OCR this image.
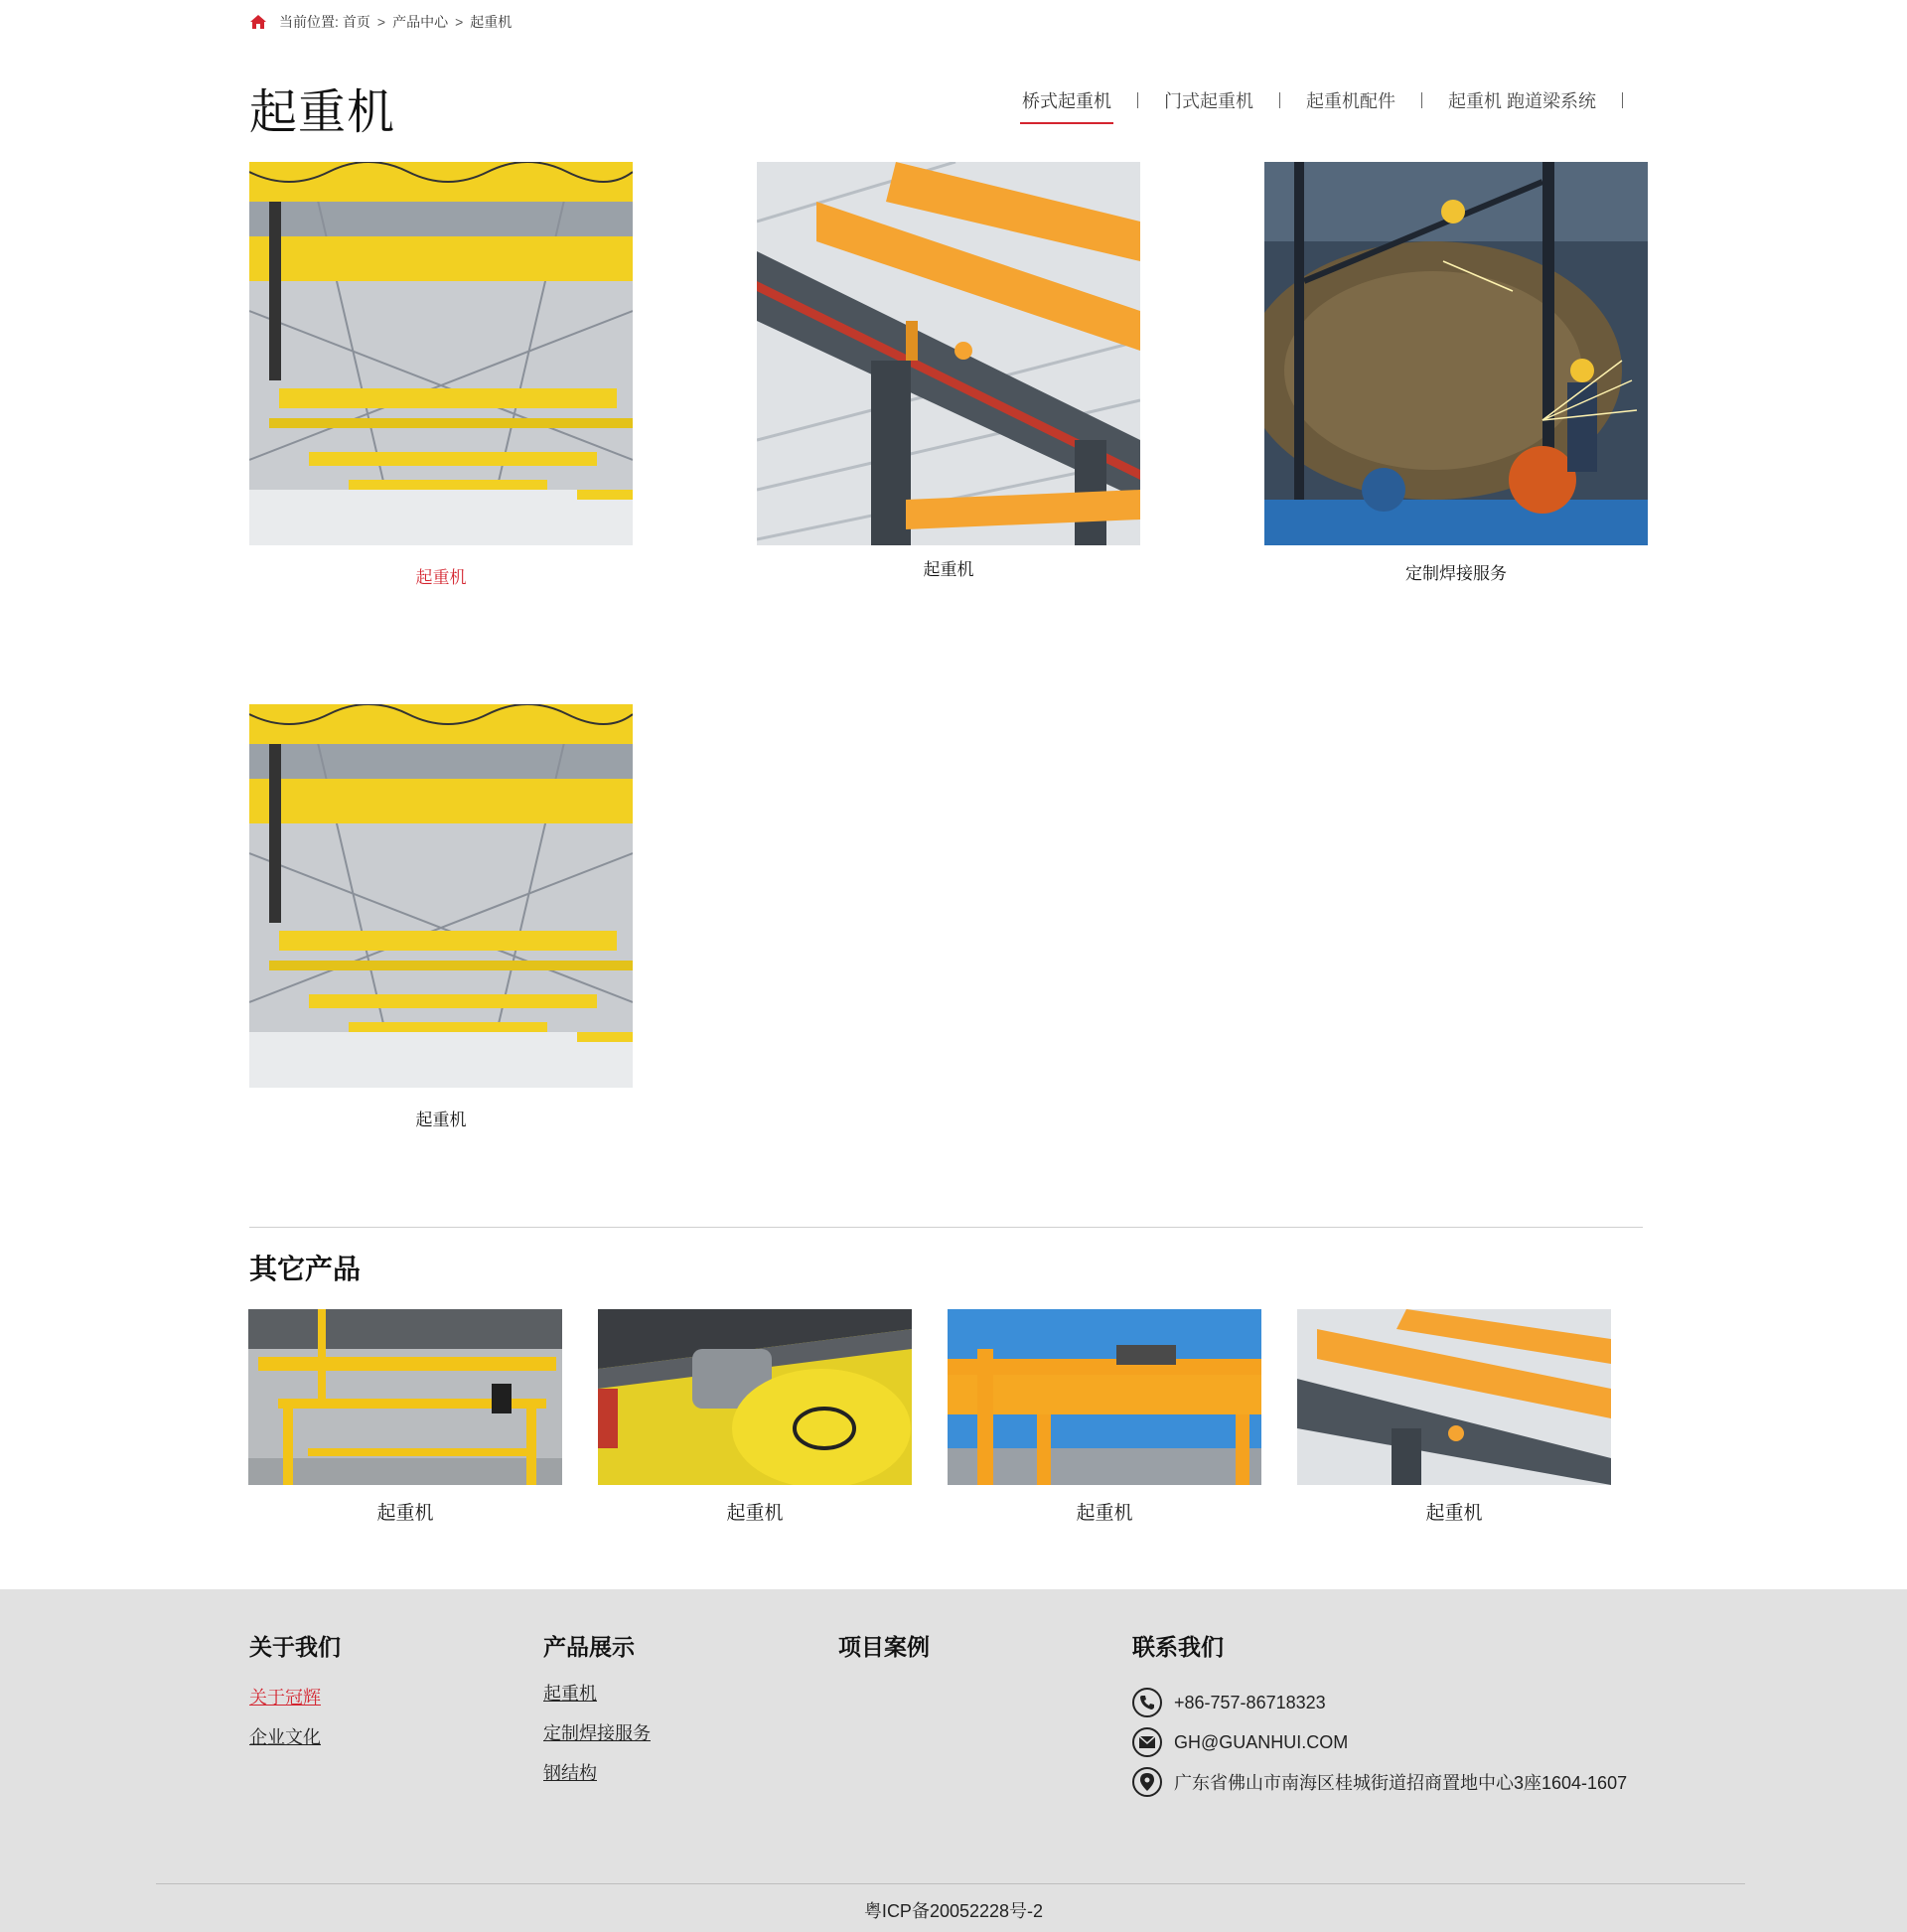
当前位置: 首页 > 产品中心 > 起重机
起重机	桥式起重机	门式起重机	起重机配件	起重机 跑道梁系统
起重机	起重机	定制焊接服务
起重机
其它产品
起重机	起重机	起重机	起重机
关于我们
关于冠辉
企业文化
产品展示
起重机
定制焊接服务
钢结构
项目案例	联系我们
+86-757-86718323
GH@GUANHUI.COM
广东省佛山市南海区桂城街道招商置地中心3座1604-1607
粤ICP备20052228号-2
